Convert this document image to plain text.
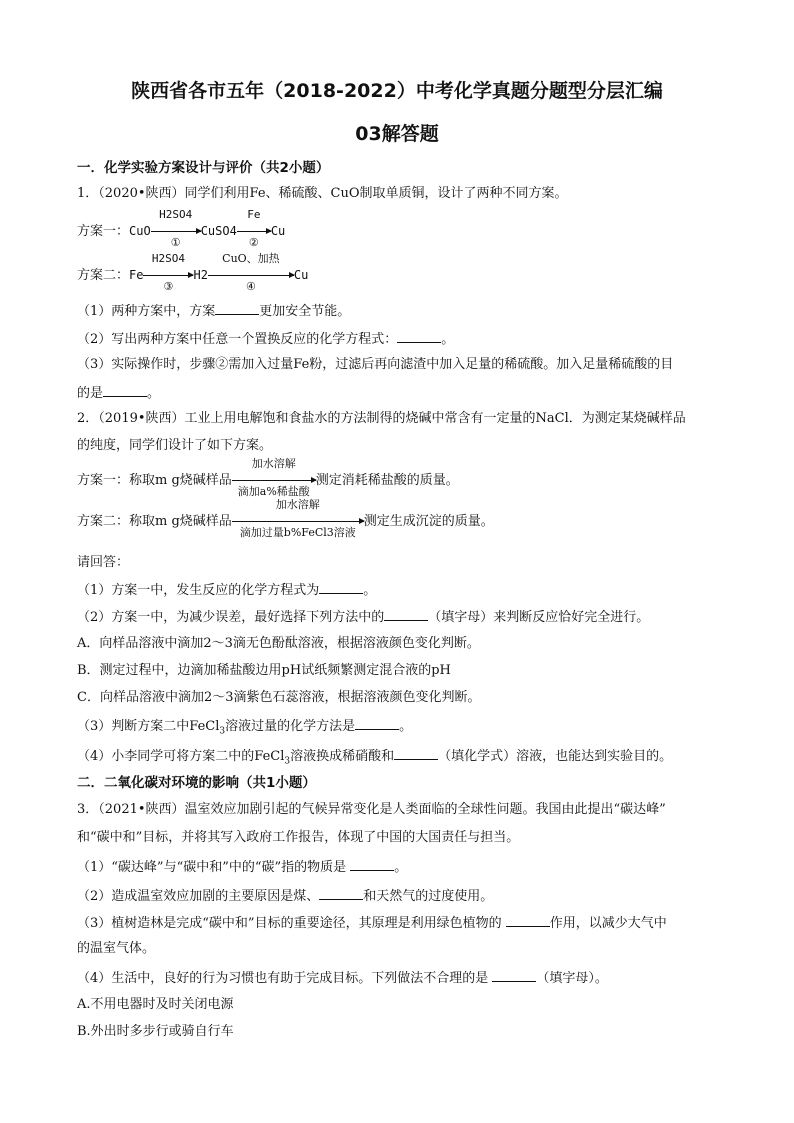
陕西省各市五年（2018-2022）中考化学真题分题型分层汇编
03解答题
一．化学实验方案设计与评价（共2小题）
1．（2020•陕西）同学们利用Fe、稀硫酸、CuO制取单质铜，设计了两种不同方案。
方案一：CuO
H2SO4
①
CuSO4
Fe
②
Cu
方案二：Fe
H2SO4
③
H2
CuO、加热
④
Cu
（1）两种方案中，方案	更加安全节能。
（2）写出两种方案中任意一个置换反应的化学方程式：	。
（3）实际操作时，步骤②需加入过量Fe粉，过滤后再向滤渣中加入足量的稀硫酸。加入足量稀硫酸的目
的是	。
2．（2019•陕西）工业上用电解饱和食盐水的方法制得的烧碱中常含有一定量的NaCl．为测定某烧碱样品
的纯度，同学们设计了如下方案。
方案一：称取m g烧碱样品
加水溶解
滴加a%稀盐酸
测定消耗稀盐酸的质量。
方案二：称取m g烧碱样品
加水溶解
滴加过量b%FeCl3溶液
测定生成沉淀的质量。
请回答：
（1）方案一中，发生反应的化学方程式为	。
（2）方案一中，为减少误差，最好选择下列方法中的	（填字母）来判断反应恰好完全进行。
A．向样品溶液中滴加2～3滴无色酚酞溶液，根据溶液颜色变化判断。
B．测定过程中，边滴加稀盐酸边用pH试纸频繁测定混合液的pH
C．向样品溶液中滴加2～3滴紫色石蕊溶液，根据溶液颜色变化判断。
（3）判断方案二中FeCl$_3$溶液过量的化学方法是	。
（4）小李同学可将方案二中的FeCl$_3$溶液换成稀硝酸和	（填化学式）溶液，也能达到实验目的。
二．二氧化碳对环境的影响（共1小题）
3．（2021•陕西）温室效应加剧引起的气候异常变化是人类面临的全球性问题。我国由此提出“碳达峰”
和“碳中和”目标，并将其写入政府工作报告，体现了中国的大国责任与担当。
（1）“碳达峰”与“碳中和”中的“碳”指的物质是	。
（2）造成温室效应加剧的主要原因是煤、	和天然气的过度使用。
（3）植树造林是完成“碳中和”目标的重要途径，其原理是利用绿色植物的	作用，以减少大气中
的温室气体。
（4）生活中，良好的行为习惯也有助于完成目标。下列做法不合理的是	（填字母）。
A.不用电器时及时关闭电源
B.外出时多步行或骑自行车
